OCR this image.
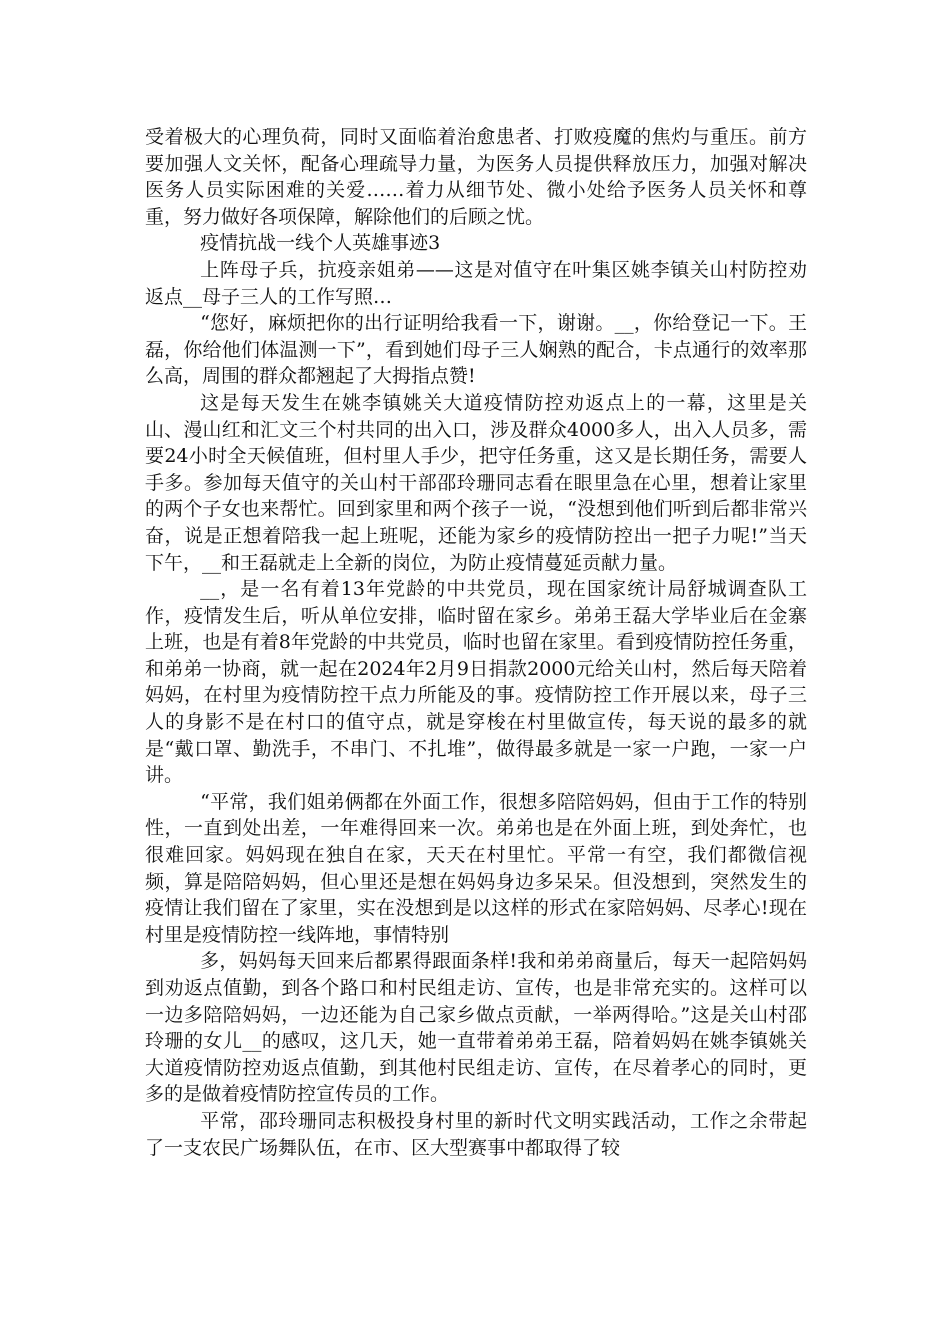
受着极大的心理负荷，同时又面临着治愈患者、打败疫魔的焦灼与重压。前方要加强人文关怀，配备心理疏导力量，为医务人员提供释放压力，加强对解决医务人员实际困难的关爱……着力从细节处、微小处给予医务人员关怀和尊重，努力做好各项保障，解除他们的后顾之忧。

疫情抗战一线个人英雄事迹3

上阵母子兵，抗疫亲姐弟——这是对值守在叶集区姚李镇关山村防控劝返点__母子三人的工作写照…

“您好，麻烦把你的出行证明给我看一下，谢谢。__，你给登记一下。王磊，你给他们体温测一下”，看到她们母子三人娴熟的配合，卡点通行的效率那么高，周围的群众都翘起了大拇指点赞!

这是每天发生在姚李镇姚关大道疫情防控劝返点上的一幕，这里是关山、漫山红和汇文三个村共同的出入口，涉及群众4000多人，出入人员多，需要24小时全天候值班，但村里人手少，把守任务重，这又是长期任务，需要人手多。参加每天值守的关山村干部邵玲珊同志看在眼里急在心里，想着让家里的两个子女也来帮忙。回到家里和两个孩子一说，“没想到他们听到后都非常兴奋，说是正想着陪我一起上班呢，还能为家乡的疫情防控出一把子力呢!”当天下午，__和王磊就走上全新的岗位，为防止疫情蔓延贡献力量。

__，是一名有着13年党龄的中共党员，现在国家统计局舒城调查队工作，疫情发生后，听从单位安排，临时留在家乡。弟弟王磊大学毕业后在金寨上班，也是有着8年党龄的中共党员，临时也留在家里。看到疫情防控任务重，和弟弟一协商，就一起在2024年2月9日捐款2000元给关山村，然后每天陪着妈妈，在村里为疫情防控干点力所能及的事。疫情防控工作开展以来，母子三人的身影不是在村口的值守点，就是穿梭在村里做宣传，每天说的最多的就是“戴口罩、勤洗手，不串门、不扎堆”，做得最多就是一家一户跑，一家一户讲。

“平常，我们姐弟俩都在外面工作，很想多陪陪妈妈，但由于工作的特别性，一直到处出差，一年难得回来一次。弟弟也是在外面上班，到处奔忙，也很难回家。妈妈现在独自在家，天天在村里忙。平常一有空，我们都微信视频，算是陪陪妈妈，但心里还是想在妈妈身边多呆呆。但没想到，突然发生的疫情让我们留在了家里，实在没想到是以这样的形式在家陪妈妈、尽孝心!现在村里是疫情防控一线阵地，事情特别

多，妈妈每天回来后都累得跟面条样!我和弟弟商量后，每天一起陪妈妈到劝返点值勤，到各个路口和村民组走访、宣传，也是非常充实的。这样可以一边多陪陪妈妈，一边还能为自己家乡做点贡献，一举两得哈。”这是关山村邵玲珊的女儿__的感叹，这几天，她一直带着弟弟王磊，陪着妈妈在姚李镇姚关大道疫情防控劝返点值勤，到其他村民组走访、宣传，在尽着孝心的同时，更多的是做着疫情防控宣传员的工作。

平常，邵玲珊同志积极投身村里的新时代文明实践活动，工作之余带起了一支农民广场舞队伍，在市、区大型赛事中都取得了较
